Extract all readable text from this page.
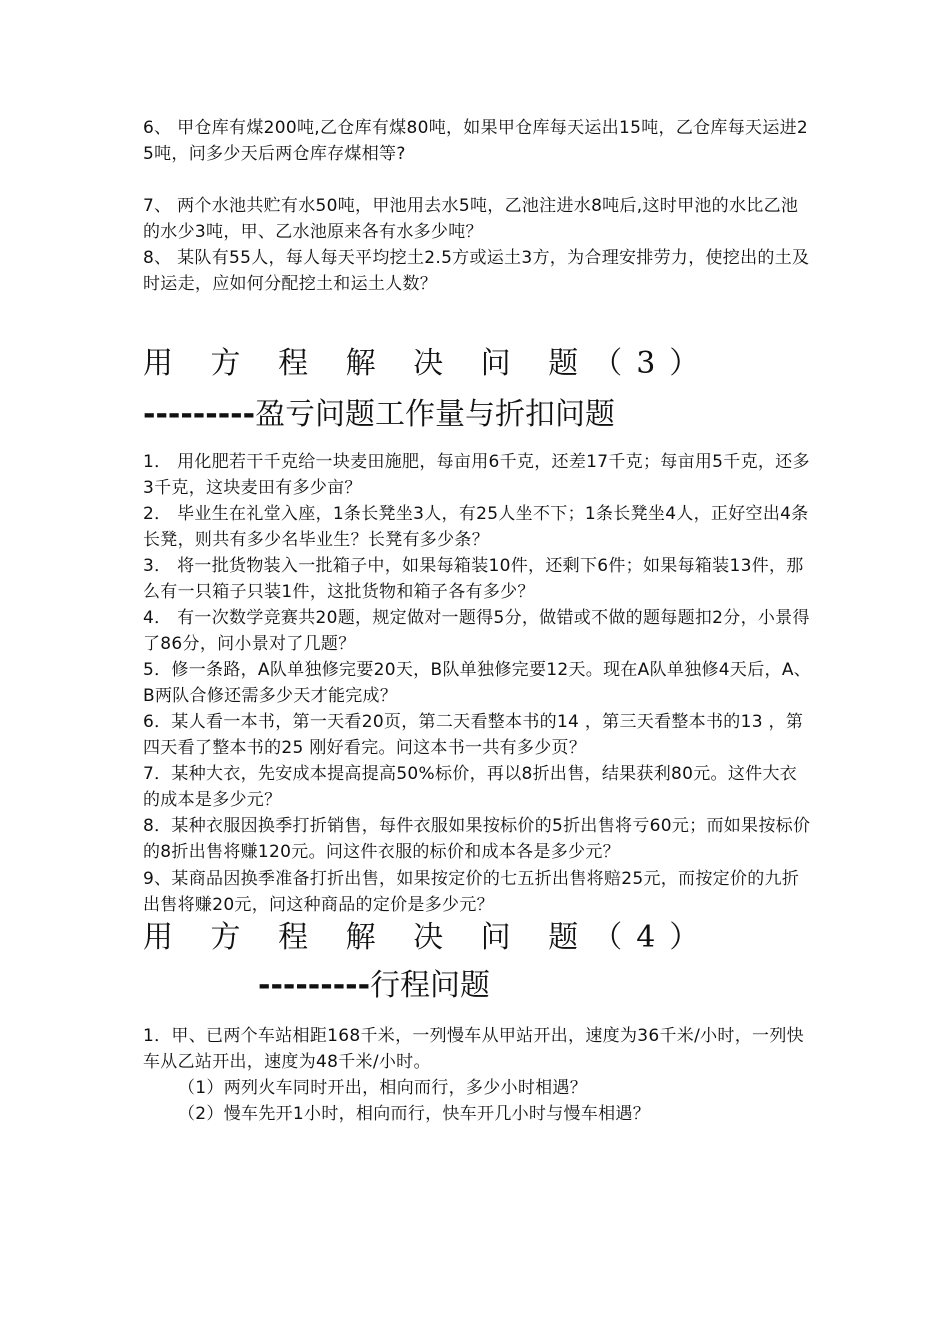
6、 甲仓库有煤200吨,乙仓库有煤80吨，如果甲仓库每天运出15吨，乙仓库每天运进25吨，问多少天后两仓库存煤相等?
7、 两个水池共贮有水50吨，甲池用去水5吨，乙池注进水8吨后,这时甲池的水比乙池的水少3吨，甲、乙水池原来各有水多少吨？
8、 某队有55人，每人每天平均挖土2.5方或运土3方，为合理安排劳力，使挖出的土及时运走，应如何分配挖土和运土人数？
用 方 程 解 决 问 题（3）
---------盈亏问题工作量与折扣问题
1． 用化肥若干千克给一块麦田施肥，每亩用6千克，还差17千克；每亩用5千克，还多3千克，这块麦田有多少亩？
2． 毕业生在礼堂入座，1条长凳坐3人，有25人坐不下；1条长凳坐4人，正好空出4条长凳，则共有多少名毕业生？长凳有多少条？
3． 将一批货物装入一批箱子中，如果每箱装10件，还剩下6件；如果每箱装13件，那么有一只箱子只装1件，这批货物和箱子各有多少？
4． 有一次数学竞赛共20题，规定做对一题得5分，做错或不做的题每题扣2分，小景得了86分，问小景对了几题？
5．修一条路，A队单独修完要20天，B队单独修完要12天。现在A队单独修4天后，A、B两队合修还需多少天才能完成？
6．某人看一本书，第一天看20页，第二天看整本书的14 ，第三天看整本书的13 ，第四天看了整本书的25 刚好看完。问这本书一共有多少页？
7．某种大衣，先安成本提高提高50%标价，再以8折出售，结果获利80元。这件大衣的成本是多少元？
8．某种衣服因换季打折销售，每件衣服如果按标价的5折出售将亏60元；而如果按标价的8折出售将赚120元。问这件衣服的标价和成本各是多少元？
9、某商品因换季准备打折出售，如果按定价的七五折出售将赔25元，而按定价的九折出售将赚20元，问这种商品的定价是多少元？
用 方 程 解 决 问 题（4）
---------行程问题
1．甲、已两个车站相距168千米，一列慢车从甲站开出，速度为36千米/小时，一列快车从乙站开出，速度为48千米/小时。
（1）两列火车同时开出，相向而行，多少小时相遇？
（2）慢车先开1小时，相向而行，快车开几小时与慢车相遇？
